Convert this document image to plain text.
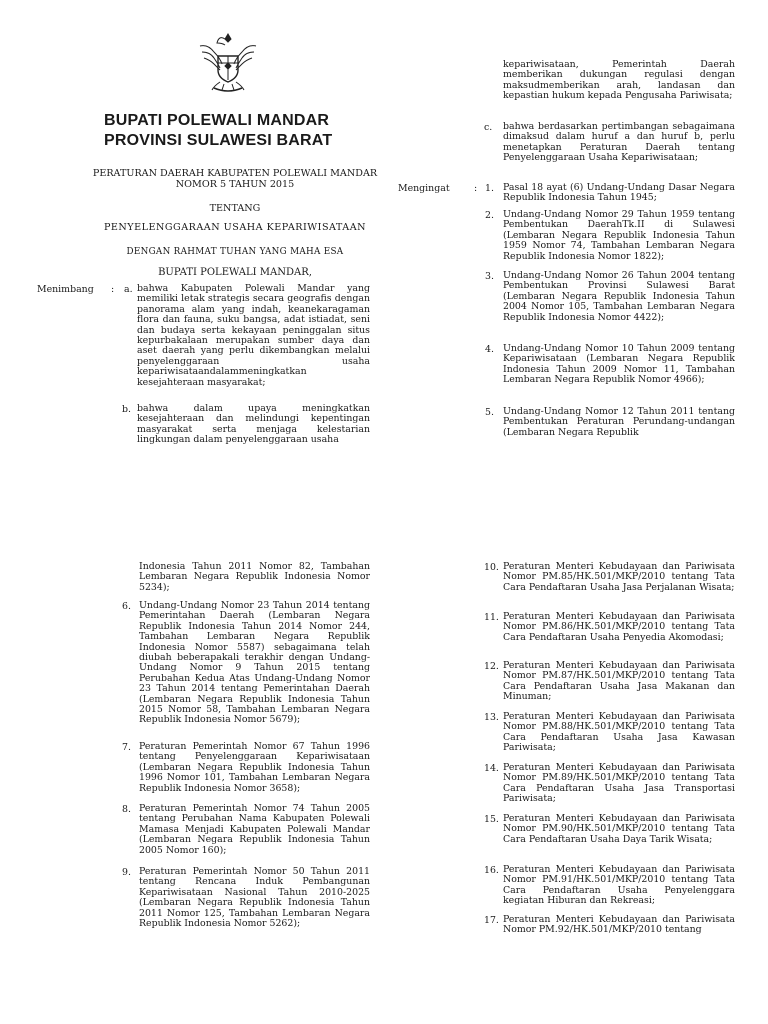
BUPATI POLEWALI MANDAR
PROVINSI SULAWESI BARAT
PERATURAN DAERAH KABUPATEN POLEWALI MANDAR
NOMOR 5 TAHUN 2015
TENTANG
PENYELENGGARAAN USAHA KEPARIWISATAAN
DENGAN RAHMAT TUHAN YANG MAHA ESA
BUPATI POLEWALI MANDAR,
Menimbang : a. bahwa Kabupaten Polewali Mandar yang memiliki letak strategis secara geografis dengan panorama alam yang indah, keanekaragaman flora dan fauna, suku bangsa, adat istiadat, seni dan budaya serta kekayaan peninggalan situs kepurbakalaan merupakan sumber daya dan aset daerah yang perlu dikembangkan melalui penyelenggaraan usaha kepariwisataandalammeningkatkan kesejahteraan masyarakat;
b. bahwa dalam upaya meningkatkan kesejahteraan dan melindungi kepentingan masyarakat serta menjaga kelestarian lingkungan dalam penyelenggaraan usaha
kepariwisataan, Pemerintah Daerah memberikan dukungan regulasi dengan maksudmemberikan arah, landasan dan kepastian hukum kepada Pengusaha Pariwisata;
c. bahwa berdasarkan pertimbangan sebagaimana dimaksud dalam huruf a dan huruf b, perlu menetapkan Peraturan Daerah tentang Penyelenggaraan Usaha Kepariwisataan;
Mengingat	: 1. Pasal 18 ayat (6) Undang-Undang Dasar Negara Republik Indonesia Tahun 1945;
2. Undang-Undang Nomor 29 Tahun 1959 tentang Pembentukan DaerahTk.II di Sulawesi (Lembaran Negara Republik Indonesia Tahun 1959 Nomor 74, Tambahan Lembaran Negara Republik Indonesia Nomor 1822);
3. Undang-Undang Nomor 26 Tahun 2004 tentang Pembentukan Provinsi Sulawesi Barat (Lembaran Negara Republik Indonesia Tahun 2004 Nomor 105, Tambahan Lembaran Negara Republik Indonesia Nomor 4422);
4. Undang-Undang Nomor 10 Tahun 2009 tentang Kepariwisataan (Lembaran Negara Republik Indonesia Tahun 2009 Nomor 11, Tambahan Lembaran Negara Republik Nomor 4966);
5. Undang-Undang Nomor 12 Tahun 2011 tentang Pembentukan Peraturan Perundang-undangan (Lembaran Negara Republik
Indonesia Tahun 2011 Nomor 82, Tambahan Lembaran Negara Republik Indonesia Nomor 5234);
6. Undang-Undang Nomor 23 Tahun 2014 tentang Pemerintahan Daerah (Lembaran Negara Republik Indonesia Tahun 2014 Nomor 244, Tambahan Lembaran Negara Republik Indonesia Nomor 5587) sebagaimana telah diubah beberapakali terakhir dengan Undang-Undang Nomor 9 Tahun 2015 tentang Perubahan Kedua Atas Undang-Undang Nomor 23 Tahun 2014 tentang Pemerintahan Daerah (Lembaran Negara Republik Indonesia Tahun 2015 Nomor 58, Tambahan Lembaran Negara Republik Indonesia Nomor 5679);
7. Peraturan Pemerintah Nomor 67 Tahun 1996 tentang Penyelenggaraan Kepariwisataan (Lembaran Negara Republik Indonesia Tahun 1996 Nomor 101, Tambahan Lembaran Negara Republik Indonesia Nomor 3658);
8. Peraturan Pemerintah Nomor 74 Tahun 2005 tentang Perubahan Nama Kabupaten Polewali Mamasa Menjadi Kabupaten Polewali Mandar (Lembaran Negara Republik Indonesia Tahun 2005 Nomor 160);
9. Peraturan Pemerintah Nomor 50 Tahun 2011 tentang Rencana Induk Pembangunan Kepariwisataan Nasional Tahun 2010-2025 (Lembaran Negara Republik Indonesia Tahun 2011 Nomor 125, Tambahan Lembaran Negara Republik Indonesia Nomor 5262);
10. Peraturan Menteri Kebudayaan dan Pariwisata Nomor PM.85/HK.501/MKP/2010 tentang Tata Cara Pendaftaran Usaha Jasa Perjalanan Wisata;
11. Peraturan Menteri Kebudayaan dan Pariwisata Nomor PM.86/HK.501/MKP/2010 tentang Tata Cara Pendaftaran Usaha Penyedia Akomodasi;
12. Peraturan Menteri Kebudayaan dan Pariwisata Nomor PM.87/HK.501/MKP/2010 tentang Tata Cara Pendaftaran Usaha Jasa Makanan dan Minuman;
13. Peraturan Menteri Kebudayaan dan Pariwisata Nomor PM.88/HK.501/MKP/2010 tentang Tata Cara Pendaftaran Usaha Jasa Kawasan Pariwisata;
14. Peraturan Menteri Kebudayaan dan Pariwisata Nomor PM.89/HK.501/MKP/2010 tentang Tata Cara Pendaftaran Usaha Jasa Transportasi Pariwisata;
15. Peraturan Menteri Kebudayaan dan Pariwisata Nomor PM.90/HK.501/MKP/2010 tentang Tata Cara Pendaftaran Usaha Daya Tarik Wisata;
16. Peraturan Menteri Kebudayaan dan Pariwisata Nomor PM.91/HK.501/MKP/2010 tentang Tata Cara Pendaftaran Usaha Penyelenggara kegiatan Hiburan dan Rekreasi;
17. Peraturan Menteri Kebudayaan dan Pariwisata Nomor PM.92/HK.501/MKP/2010 tentang
